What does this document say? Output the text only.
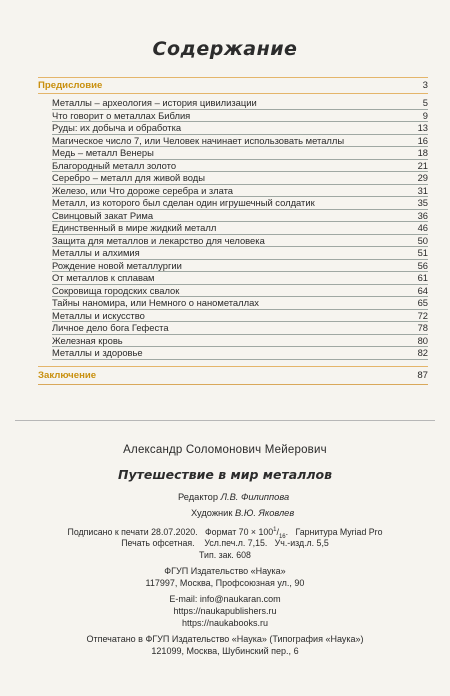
Содержание
Предисловие	3
Металлы – археология – история цивилизации	5
Что говорит о металлах Библия	9
Руды: их добыча и обработка	13
Магическое число 7, или Человек начинает использовать металлы	16
Медь – металл Венеры	18
Благородный металл золото	21
Серебро – металл для живой воды	29
Железо, или Что дороже серебра и злата	31
Металл, из которого был сделан один игрушечный солдатик	35
Свинцовый закат Рима	36
Единственный в мире жидкий металл	46
Защита для металлов и лекарство для человека	50
Металлы и алхимия	51
Рождение новой металлургии	56
От металлов к сплавам	61
Сокровища городских свалок	64
Тайны наномира, или Немного о нанометаллах	65
Металлы и искусство	72
Личное дело бога Гефеста	78
Железная кровь	80
Металлы и здоровье	82
Заключение	87
Александр Соломонович Мейерович
Путешествие в мир металлов
Редактор Л.В. Филиппова
Художник В.Ю. Яковлев
Подписано к печати 28.07.2020. Формат $70 \times 100^1/_{16}$. Гарнитура Myriad Pro
Печать офсетная. Усл.печ.л. 7,15. Уч.-изд.л. 5,5
Тип. зак. 608
ФГУП Издательство «Наука»
117997, Москва, Профсоюзная ул., 90
E-mail: info@naukaran.com
https://naukapublishers.ru
https://naukabooks.ru
Отпечатано в ФГУП Издательство «Наука» (Типография «Наука»)
121099, Москва, Шубинский пер., 6
